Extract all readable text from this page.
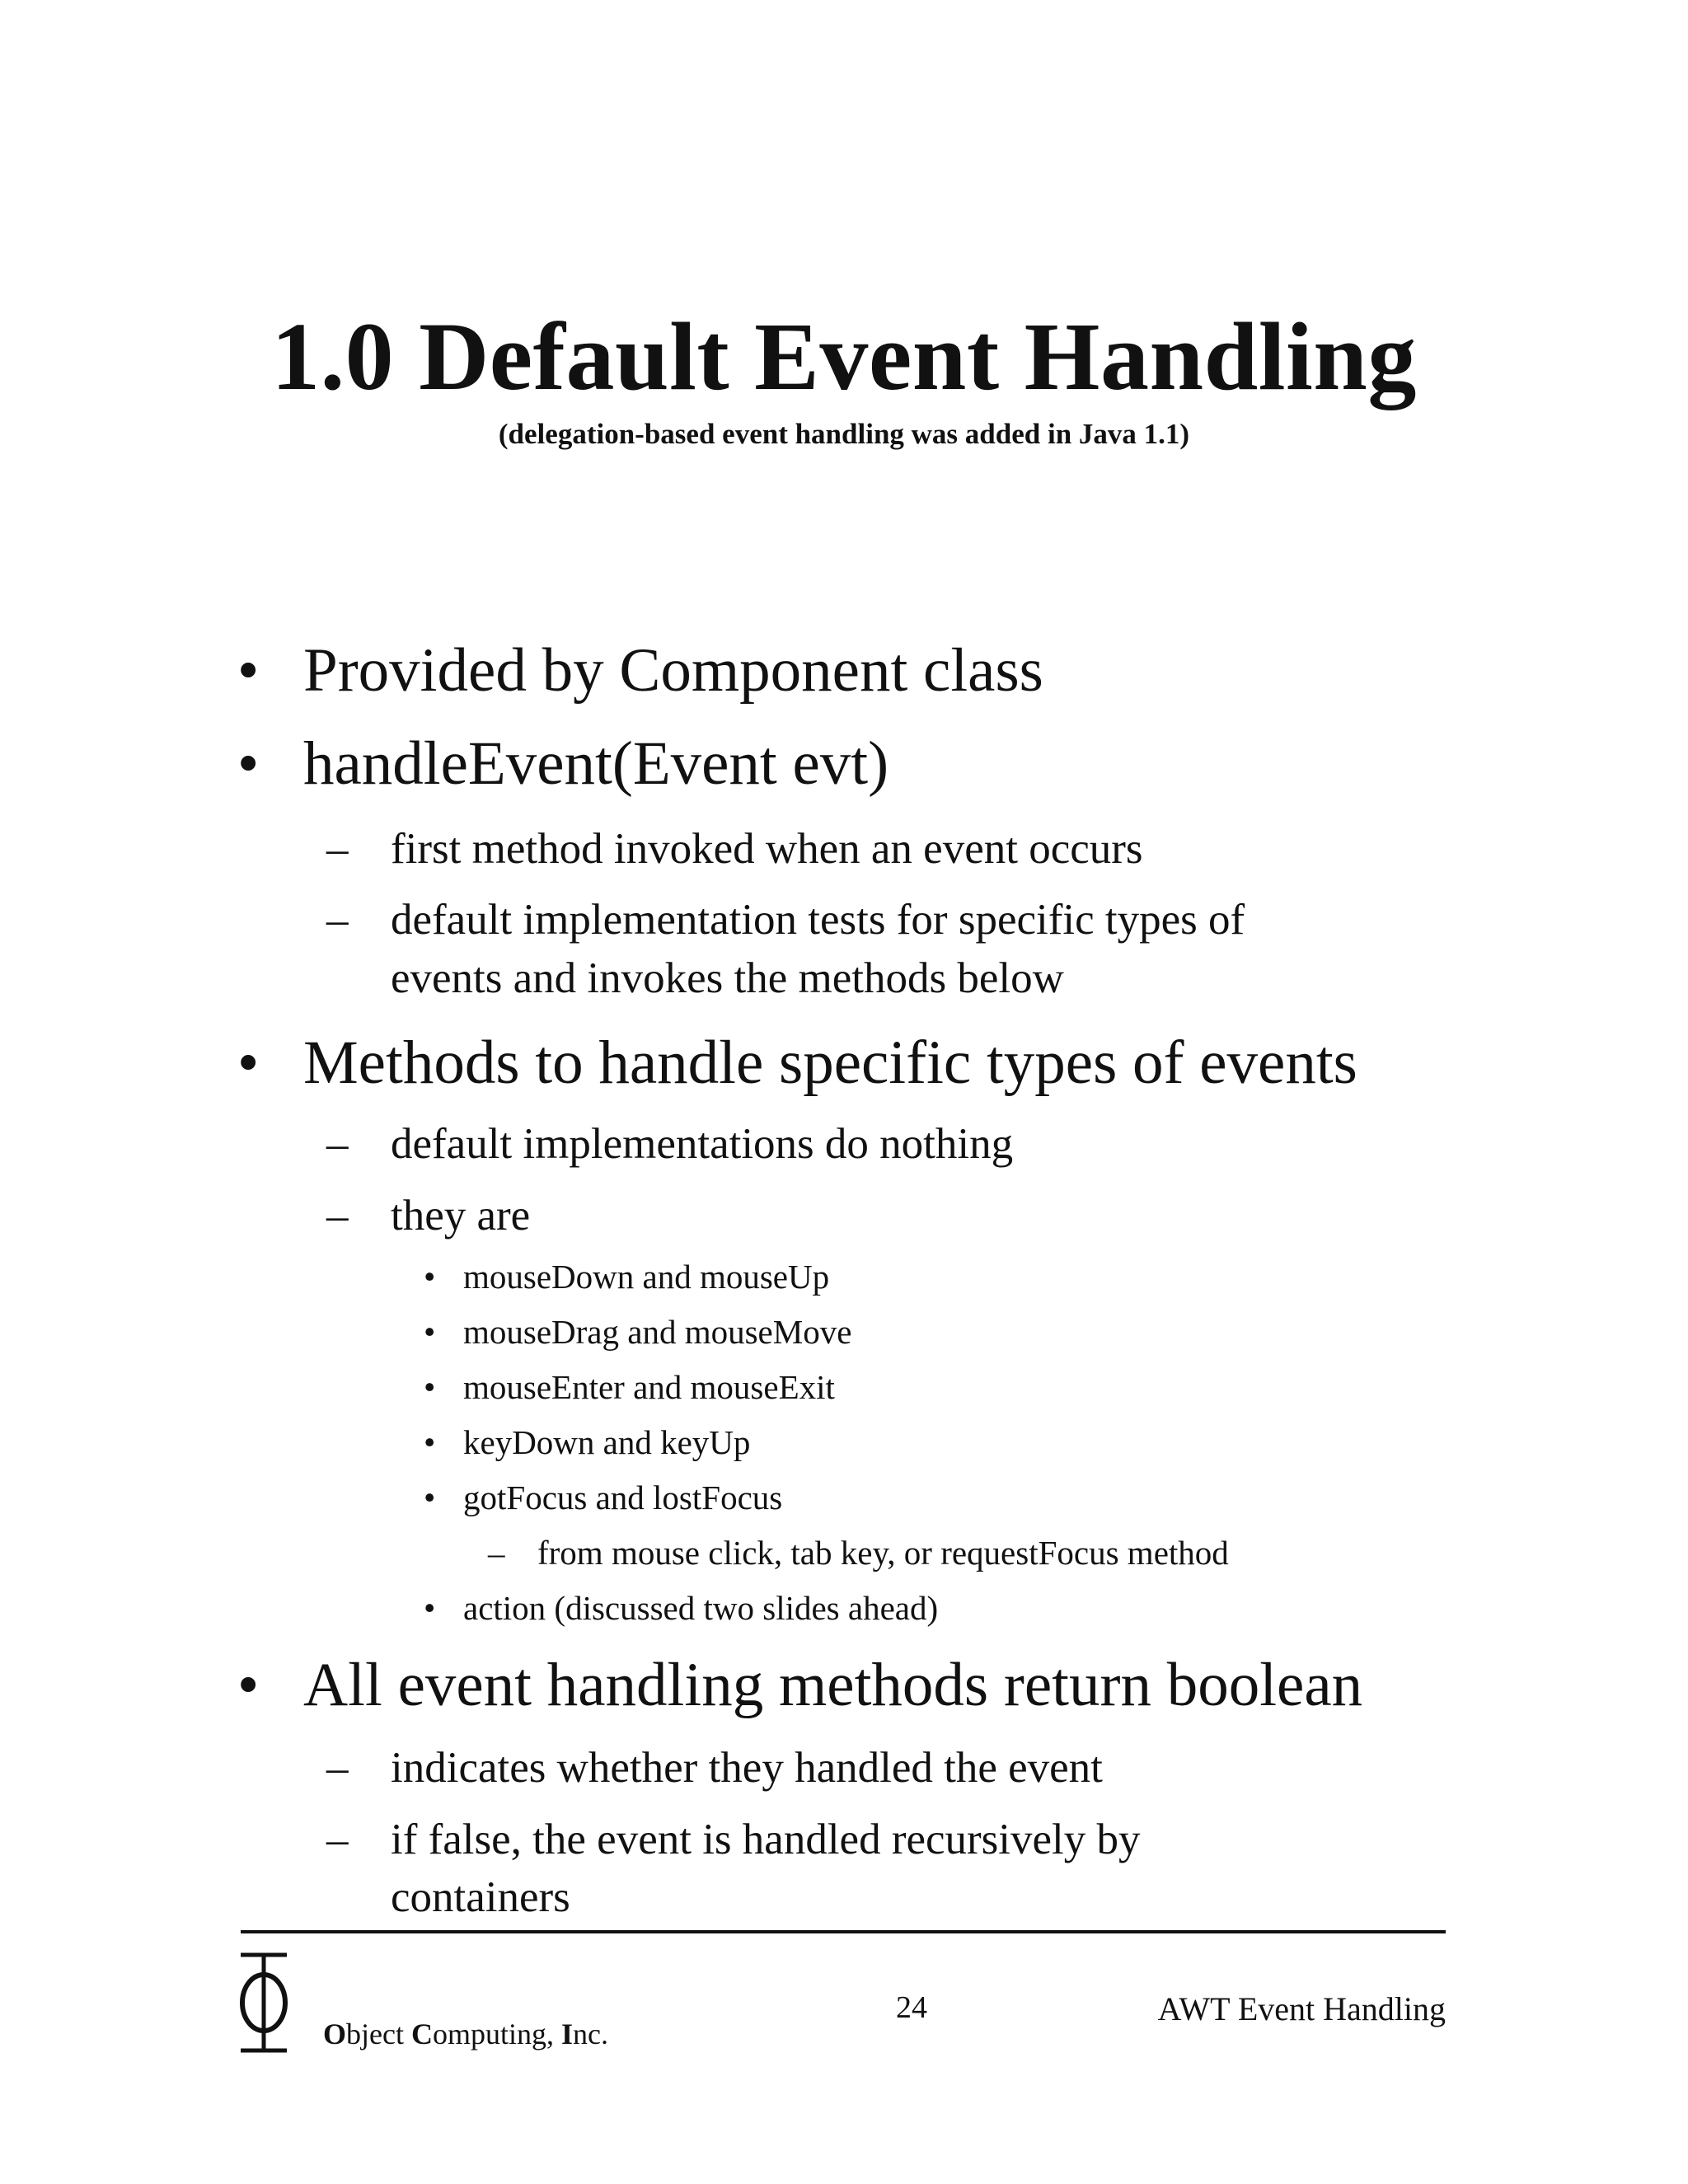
1.0 Default Event Handling
(delegation-based event handling was added in Java 1.1)
• Provided by Component class
• handleEvent(Event evt)
– first method invoked when an event occurs
– default implementation tests for specific types of
events and invokes the methods below
• Methods to handle specific types of events
– default implementations do nothing
– they are
• mouseDown and mouseUp
• mouseDrag and mouseMove
• mouseEnter and mouseExit
• keyDown and keyUp
• gotFocus and lostFocus
– from mouse click, tab key, or requestFocus method
• action (discussed two slides ahead)
• All event handling methods return boolean
– indicates whether they handled the event
– if false, the event is handled recursively by
containers
Object Computing, Inc.
24	AWT Event Handling
